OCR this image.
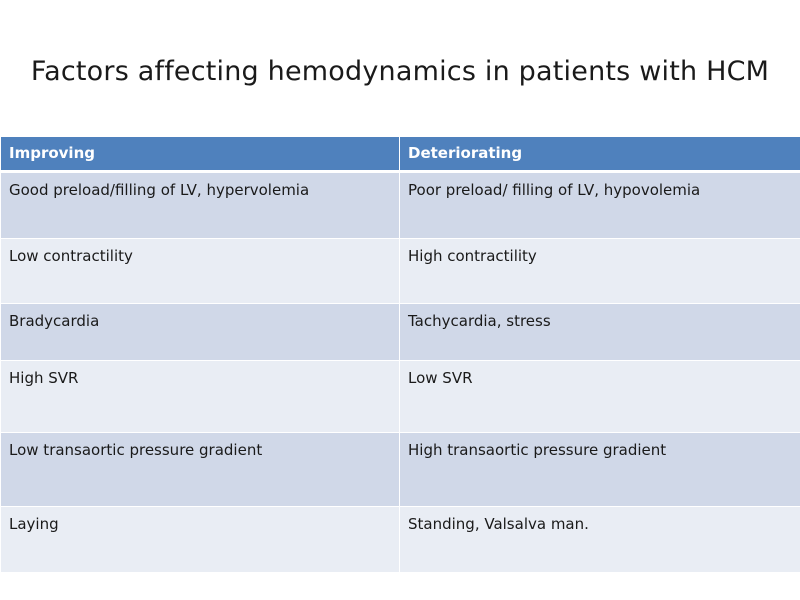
Factors affecting hemodynamics in patients with HCM
Improving	Deteriorating
Good preload/filling of LV, hypervolemia	Poor preload/ filling of LV, hypovolemia
Low contractility	High contractility
Bradycardia	Tachycardia, stress
High SVR	Low SVR
Low transaortic pressure gradient	High transaortic pressure gradient
Laying	Standing, Valsalva man.
